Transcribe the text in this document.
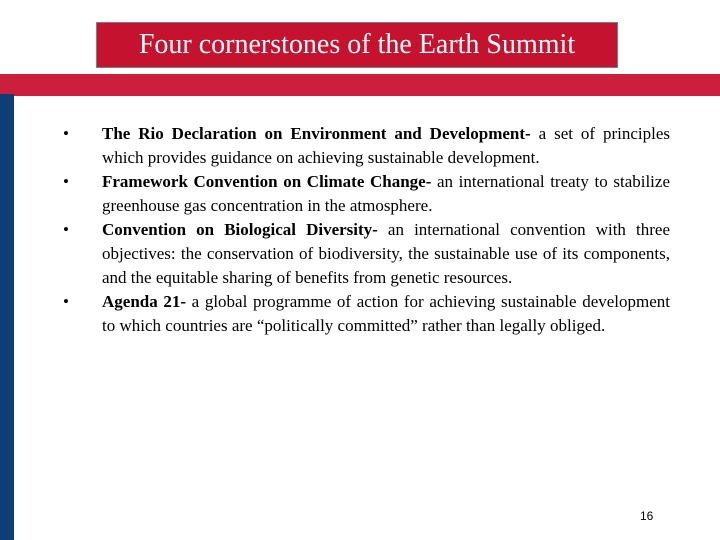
Four cornerstones of the Earth Summit
• The Rio Declaration on Environment and Development- a set of principles which provides guidance on achieving sustainable development.
• Framework Convention on Climate Change- an international treaty to stabilize greenhouse gas concentration in the atmosphere.
• Convention on Biological Diversity- an international convention with three objectives: the conservation of biodiversity, the sustainable use of its components, and the equitable sharing of benefits from genetic resources.
• Agenda 21- a global programme of action for achieving sustainable development to which countries are “politically committed” rather than legally obliged.
16
